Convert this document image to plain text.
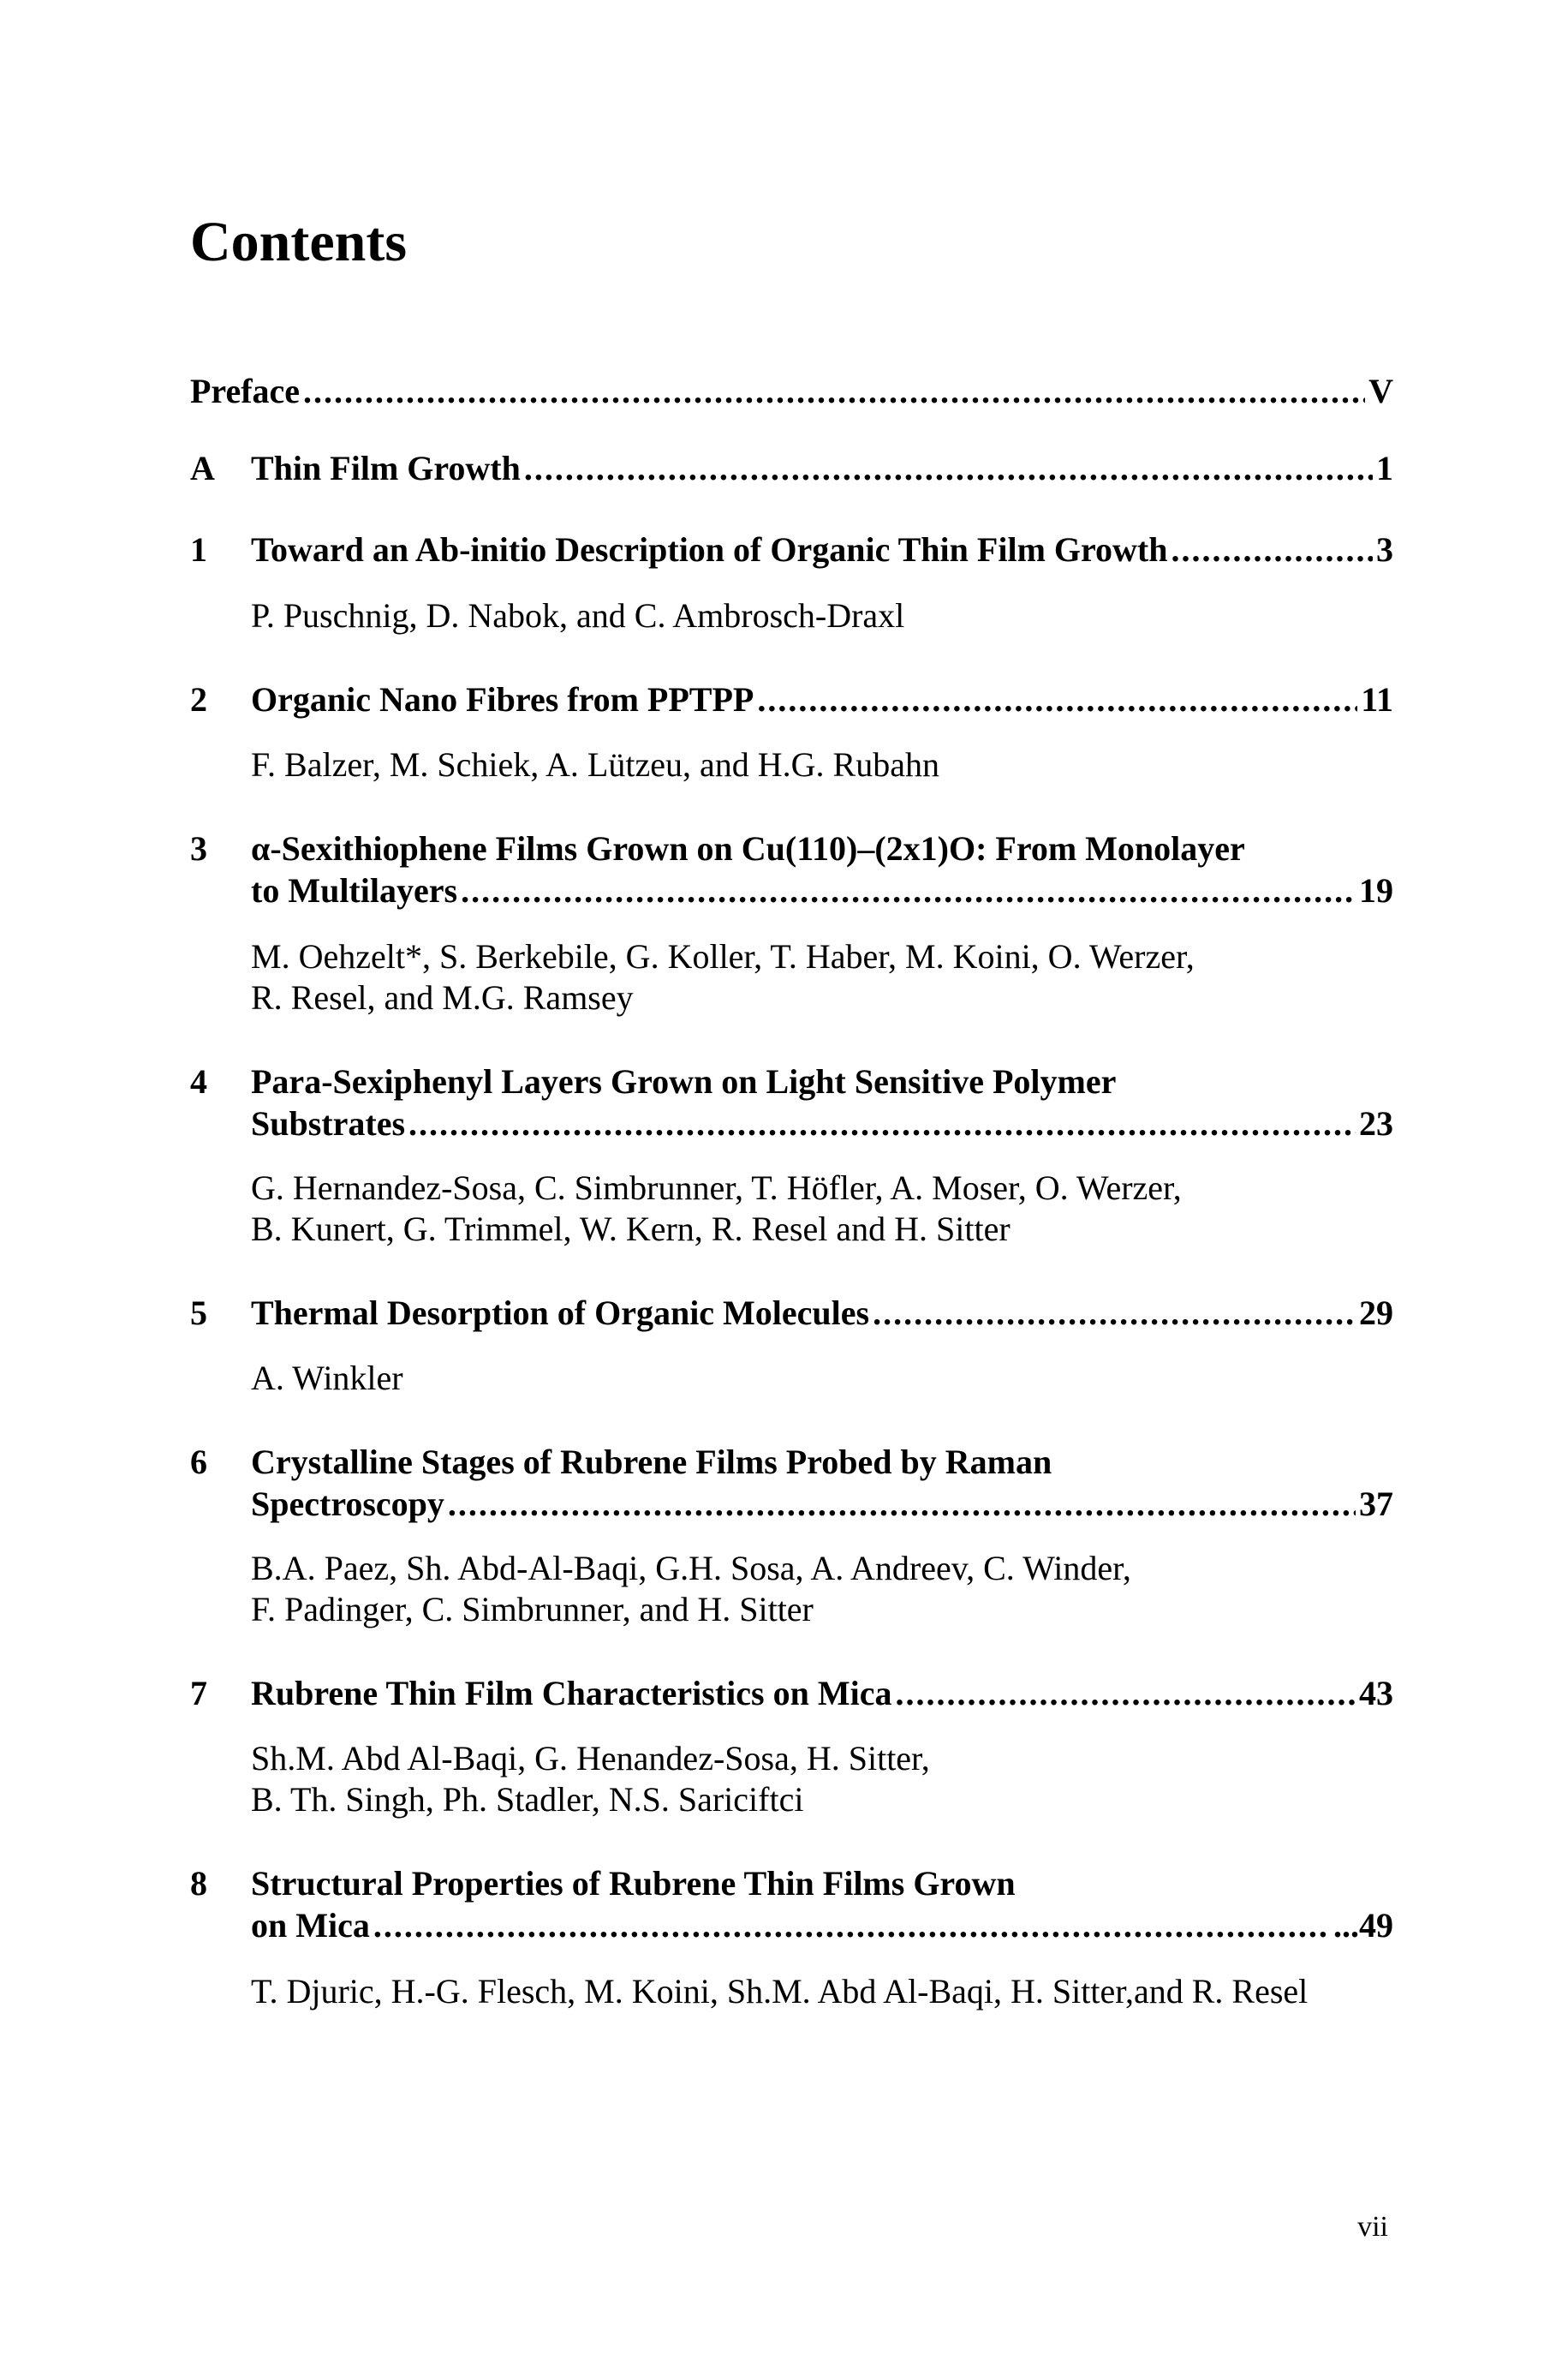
Contents
Preface .....	V
A	Thin Film Growth .....	1
1	Toward an Ab-initio Description of Organic Thin Film Growth .....	3
P. Puschnig, D. Nabok, and C. Ambrosch-Draxl
2	Organic Nano Fibres from PPTPP .....	11
F. Balzer, M. Schiek, A. Lützeu, and H.G. Rubahn
3 α-Sexithiophene Films Grown on Cu(110)–(2x1)O: From Monolayer
to Multilayers .....	19
M. Oehzelt*, S. Berkebile, G. Koller, T. Haber, M. Koini, O. Werzer,
R. Resel, and M.G. Ramsey
4 Para-Sexiphenyl Layers Grown on Light Sensitive Polymer
Substrates .....	23
G. Hernandez-Sosa, C. Simbrunner, T. Höfler, A. Moser, O. Werzer,
B. Kunert, G. Trimmel, W. Kern, R. Resel and H. Sitter
5	Thermal Desorption of Organic Molecules .....	29
A. Winkler
6 Crystalline Stages of Rubrene Films Probed by Raman
Spectroscopy .....	37
B.A. Paez, Sh. Abd-Al-Baqi, G.H. Sosa, A. Andreev, C. Winder,
F. Padinger, C. Simbrunner, and H. Sitter
7	Rubrene Thin Film Characteristics on Mica .....	43
Sh.M. Abd Al-Baqi, G. Henandez-Sosa, H. Sitter,
B. Th. Singh, Ph. Stadler, N.S. Sariciftci
8 Structural Properties of Rubrene Thin Films Grown
on Mica .....	...49
T. Djuric, H.-G. Flesch, M. Koini, Sh.M. Abd Al-Baqi, H. Sitter,and R. Resel
vii
